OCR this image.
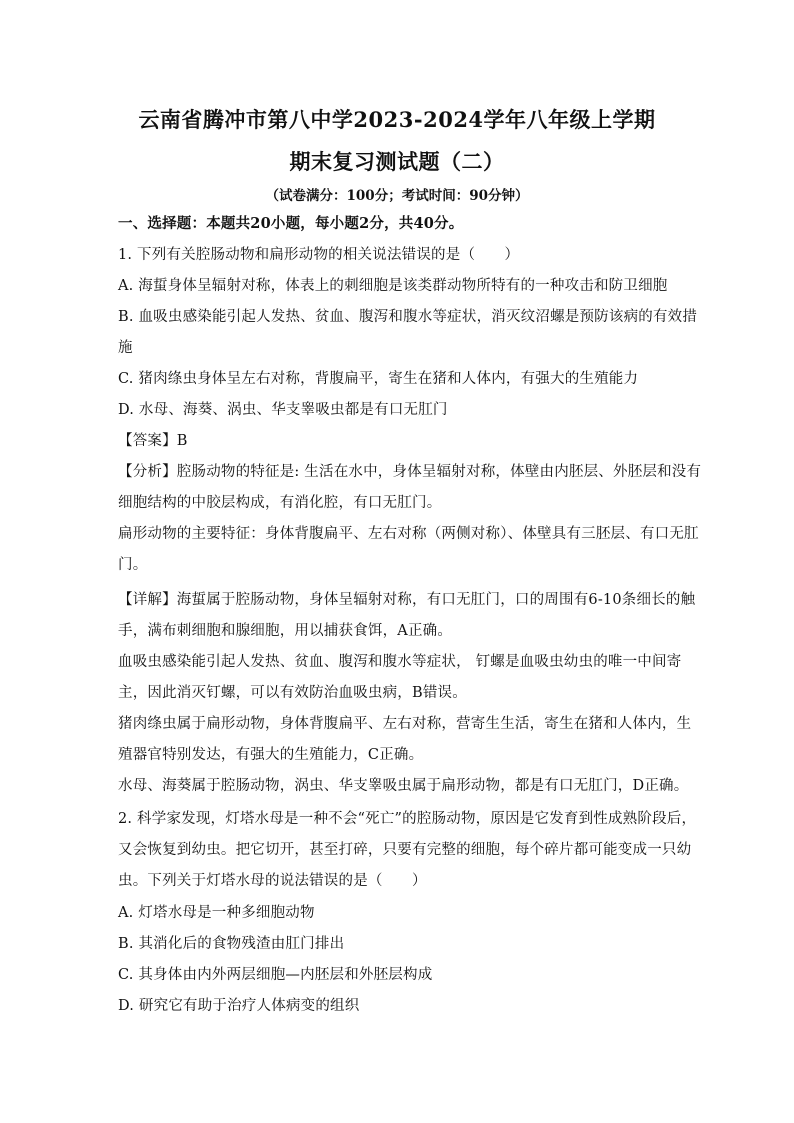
云南省腾冲市第八中学2023-2024学年八年级上学期
期末复习测试题（二）
（试卷满分：100分；考试时间：90分钟）
一、选择题：本题共20小题，每小题2分，共40分。
1. 下列有关腔肠动物和扁形动物的相关说法错误的是（　　）
A. 海蜇身体呈辐射对称，体表上的刺细胞是该类群动物所特有的一种攻击和防卫细胞
B. 血吸虫感染能引起人发热、贫血、腹泻和腹水等症状，消灭纹沼螺是预防该病的有效措
施
C. 猪肉绦虫身体呈左右对称，背腹扁平，寄生在猪和人体内，有强大的生殖能力
D. 水母、海葵、涡虫、华支睾吸虫都是有口无肛门
【答案】B
【分析】腔肠动物的特征是: 生活在水中，身体呈辐射对称，体壁由内胚层、外胚层和没有
细胞结构的中胶层构成，有消化腔，有口无肛门。
扁形动物的主要特征：身体背腹扁平、左右对称（两侧对称）、体壁具有三胚层、有口无肛
门。
【详解】海蜇属于腔肠动物，身体呈辐射对称，有口无肛门，口的周围有6-10条细长的触
手，满布刺细胞和腺细胞，用以捕获食饵，A正确。
血吸虫感染能引起人发热、贫血、腹泻和腹水等症状， 钉螺是血吸虫幼虫的唯一中间寄
主，因此消灭钉螺，可以有效防治血吸虫病，B错误。
猪肉绦虫属于扁形动物，身体背腹扁平、左右对称，营寄生生活，寄生在猪和人体内，生
殖器官特别发达，有强大的生殖能力，C正确。
水母、海葵属于腔肠动物，涡虫、华支睾吸虫属于扁形动物，都是有口无肛门，D正确。
2. 科学家发现，灯塔水母是一种不会“死亡”的腔肠动物，原因是它发育到性成熟阶段后，
又会恢复到幼虫。把它切开，甚至打碎，只要有完整的细胞，每个碎片都可能变成一只幼
虫。下列关于灯塔水母的说法错误的是（　　）
A. 灯塔水母是一种多细胞动物
B. 其消化后的食物残渣由肛门排出
C. 其身体由内外两层细胞—内胚层和外胚层构成
D. 研究它有助于治疗人体病变的组织
